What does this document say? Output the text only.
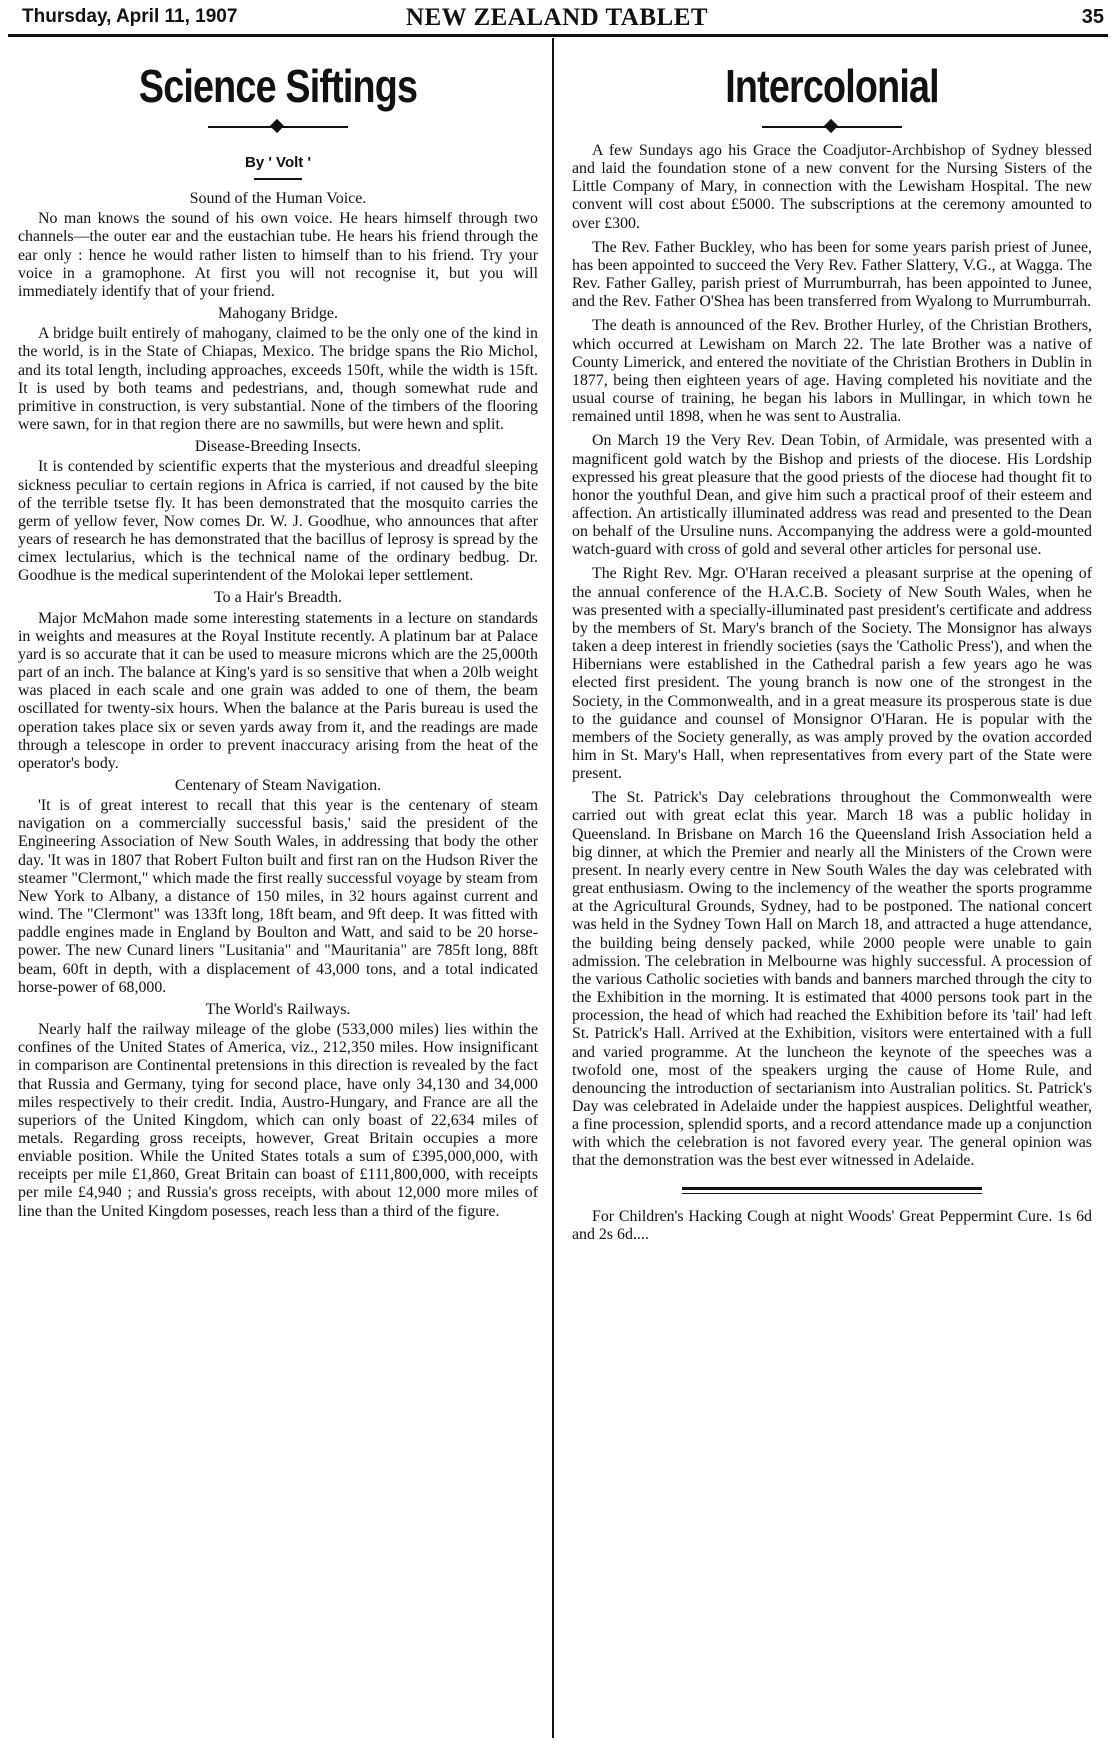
Thursday, April 11, 1907	NEW ZEALAND TABLET	35
Science Siftings
By ' Volt '
Sound of the Human Voice.

No man knows the sound of his own voice. He hears himself through two channels—the outer ear and the eustachian tube. He hears his friend through the ear only : hence he would rather listen to himself than to his friend. Try your voice in a gramophone. At first you will not recognise it, but you will immediately identify that of your friend.

Mahogany Bridge.

A bridge built entirely of mahogany, claimed to be the only one of the kind in the world, is in the State of Chiapas, Mexico. The bridge spans the Rio Michol, and its total length, including approaches, exceeds 150ft, while the width is 15ft. It is used by both teams and pedestrians, and, though somewhat rude and primitive in construction, is very substantial. None of the timbers of the flooring were sawn, for in that region there are no sawmills, but were hewn and split.

Disease-Breeding Insects.

It is contended by scientific experts that the mysterious and dreadful sleeping sickness peculiar to certain regions in Africa is carried, if not caused by the bite of the terrible tsetse fly. It has been demonstrated that the mosquito carries the germ of yellow fever, Now comes Dr. W. J. Goodhue, who announces that after years of research he has demonstrated that the bacillus of leprosy is spread by the cimex lectularius, which is the technical name of the ordinary bedbug. Dr. Goodhue is the medical superintendent of the Molokai leper settlement.

To a Hair's Breadth.

Major McMahon made some interesting statements in a lecture on standards in weights and measures at the Royal Institute recently. A platinum bar at Palace yard is so accurate that it can be used to measure microns which are the 25,000th part of an inch. The balance at King's yard is so sensitive that when a 20lb weight was placed in each scale and one grain was added to one of them, the beam oscillated for twenty-six hours. When the balance at the Paris bureau is used the operation takes place six or seven yards away from it, and the readings are made through a telescope in order to prevent inaccuracy arising from the heat of the operator's body.

Centenary of Steam Navigation.

'It is of great interest to recall that this year is the centenary of steam navigation on a commercially successful basis,' said the president of the Engineering Association of New South Wales, in addressing that body the other day. 'It was in 1807 that Robert Fulton built and first ran on the Hudson River the steamer "Clermont," which made the first really successful voyage by steam from New York to Albany, a distance of 150 miles, in 32 hours against current and wind. The "Clermont" was 133ft long, 18ft beam, and 9ft deep. It was fitted with paddle engines made in England by Boulton and Watt, and said to be 20 horse-power. The new Cunard liners "Lusitania" and "Mauritania" are 785ft long, 88ft beam, 60ft in depth, with a displacement of 43,000 tons, and a total indicated horse-power of 68,000.

The World's Railways.

Nearly half the railway mileage of the globe (533,000 miles) lies within the confines of the United States of America, viz., 212,350 miles. How insignificant in comparison are Continental pretensions in this direction is revealed by the fact that Russia and Germany, tying for second place, have only 34,130 and 34,000 miles respectively to their credit. India, Austro-Hungary, and France are all the superiors of the United Kingdom, which can only boast of 22,634 miles of metals. Regarding gross receipts, however, Great Britain occupies a more enviable position. While the United States totals a sum of £395,000,000, with receipts per mile £1,860, Great Britain can boast of £111,800,000, with receipts per mile £4,940 ; and Russia's gross receipts, with about 12,000 more miles of line than the United Kingdom posesses, reach less than a third of the figure.

Intercolonial

A few Sundays ago his Grace the Coadjutor-Archbishop of Sydney blessed and laid the foundation stone of a new convent for the Nursing Sisters of the Little Company of Mary, in connection with the Lewisham Hospital. The new convent will cost about £5000. The subscriptions at the ceremony amounted to over £300.

The Rev. Father Buckley, who has been for some years parish priest of Junee, has been appointed to succeed the Very Rev. Father Slattery, V.G., at Wagga. The Rev. Father Galley, parish priest of Murrumburrah, has been appointed to Junee, and the Rev. Father O'Shea has been transferred from Wyalong to Murrumburrah.

The death is announced of the Rev. Brother Hurley, of the Christian Brothers, which occurred at Lewisham on March 22. The late Brother was a native of County Limerick, and entered the novitiate of the Christian Brothers in Dublin in 1877, being then eighteen years of age. Having completed his novitiate and the usual course of training, he began his labors in Mullingar, in which town he remained until 1898, when he was sent to Australia.

On March 19 the Very Rev. Dean Tobin, of Armidale, was presented with a magnificent gold watch by the Bishop and priests of the diocese. His Lordship expressed his great pleasure that the good priests of the diocese had thought fit to honor the youthful Dean, and give him such a practical proof of their esteem and affection. An artistically illuminated address was read and presented to the Dean on behalf of the Ursuline nuns. Accompanying the address were a gold-mounted watch-guard with cross of gold and several other articles for personal use.

The Right Rev. Mgr. O'Haran received a pleasant surprise at the opening of the annual conference of the H.A.C.B. Society of New South Wales, when he was presented with a specially-illuminated past president's certificate and address by the members of St. Mary's branch of the Society. The Monsignor has always taken a deep interest in friendly societies (says the 'Catholic Press'), and when the Hibernians were established in the Cathedral parish a few years ago he was elected first president. The young branch is now one of the strongest in the Society, in the Commonwealth, and in a great measure its prosperous state is due to the guidance and counsel of Monsignor O'Haran. He is popular with the members of the Society generally, as was amply proved by the ovation accorded him in St. Mary's Hall, when representatives from every part of the State were present.

The St. Patrick's Day celebrations throughout the Commonwealth were carried out with great eclat this year. March 18 was a public holiday in Queensland. In Brisbane on March 16 the Queensland Irish Association held a big dinner, at which the Premier and nearly all the Ministers of the Crown were present. In nearly every centre in New South Wales the day was celebrated with great enthusiasm. Owing to the inclemency of the weather the sports programme at the Agricultural Grounds, Sydney, had to be postponed. The national concert was held in the Sydney Town Hall on March 18, and attracted a huge attendance, the building being densely packed, while 2000 people were unable to gain admission. The celebration in Melbourne was highly successful. A procession of the various Catholic societies with bands and banners marched through the city to the Exhibition in the morning. It is estimated that 4000 persons took part in the procession, the head of which had reached the Exhibition before its 'tail' had left St. Patrick's Hall. Arrived at the Exhibition, visitors were entertained with a full and varied programme. At the luncheon the keynote of the speeches was a twofold one, most of the speakers urging the cause of Home Rule, and denouncing the introduction of sectarianism into Australian politics. St. Patrick's Day was celebrated in Adelaide under the happiest auspices. Delightful weather, a fine procession, splendid sports, and a record attendance made up a conjunction with which the celebration is not favored every year. The general opinion was that the demonstration was the best ever witnessed in Adelaide.

For Children's Hacking Cough at night Woods' Great Peppermint Cure. 1s 6d and 2s 6d....
